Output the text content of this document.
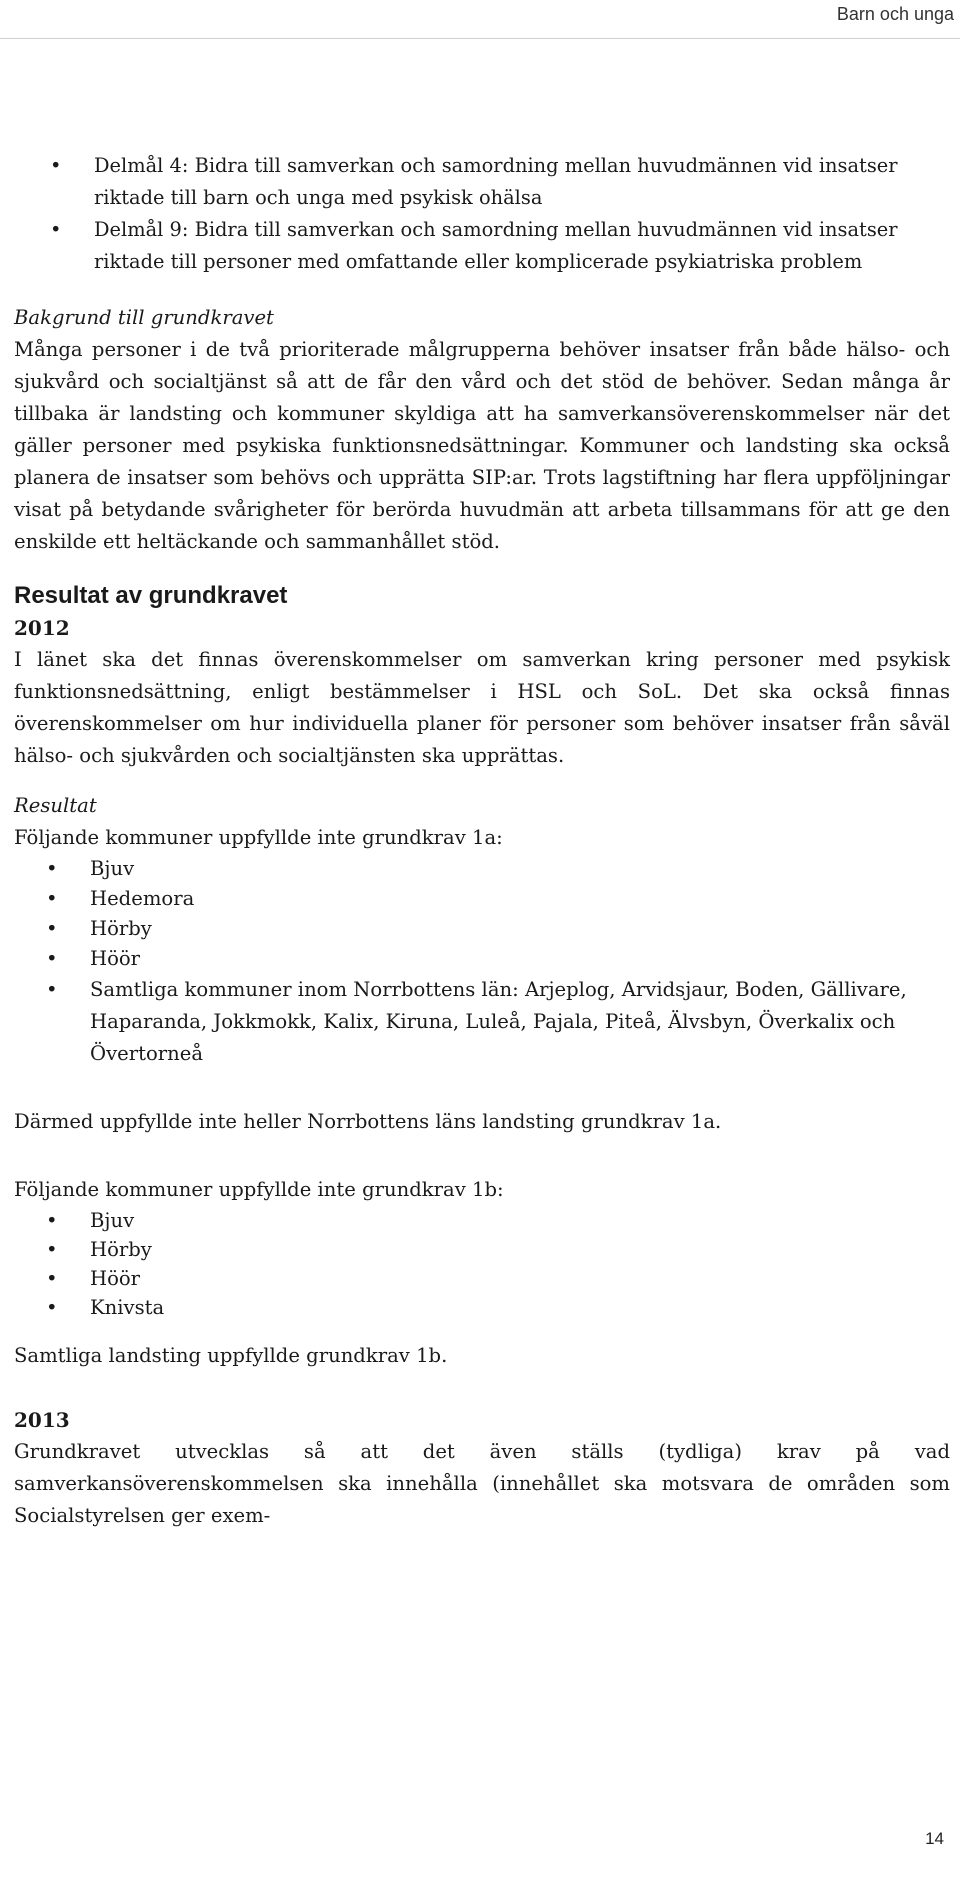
Barn och unga
• Delmål 4: Bidra till samverkan och samordning mellan huvudmännen vid insatser riktade till barn och unga med psykisk ohälsa
• Delmål 9: Bidra till samverkan och samordning mellan huvudmännen vid insatser riktade till personer med omfattande eller komplicerade psykiatriska problem

Bakgrund till grundkravet

Många personer i de två prioriterade målgrupperna behöver insatser från både hälso- och sjukvård och socialtjänst så att de får den vård och det stöd de behöver. Sedan många år tillbaka är landsting och kommuner skyldiga att ha samverkansöverenskommelser när det gäller personer med psykiska funktionsnedsättningar. Kommuner och landsting ska också planera de insatser som behövs och upprätta SIP:ar. Trots lagstiftning har flera uppföljningar visat på betydande svårigheter för berörda huvudmän att arbeta tillsammans för att ge den enskilde ett heltäckande och sammanhållet stöd.

Resultat av grundkravet

2012

I länet ska det finnas överenskommelser om samverkan kring personer med psykisk funktionsnedsättning, enligt bestämmelser i HSL och SoL. Det ska också finnas överenskommelser om hur individuella planer för personer som behöver insatser från såväl hälso- och sjukvården och socialtjänsten ska upprättas.

Resultat

Följande kommuner uppfyllde inte grundkrav 1a:

• Bjuv
• Hedemora
• Hörby
• Höör
• Samtliga kommuner inom Norrbottens län: Arjeplog, Arvidsjaur, Boden, Gällivare, Haparanda, Jokkmokk, Kalix, Kiruna, Luleå, Pajala, Piteå, Älvsbyn, Överkalix och Övertorneå

Därmed uppfyllde inte heller Norrbottens läns landsting grundkrav 1a.

Följande kommuner uppfyllde inte grundkrav 1b:

• Bjuv
• Hörby
• Höör
• Knivsta

Samtliga landsting uppfyllde grundkrav 1b.

2013

Grundkravet utvecklas så att det även ställs (tydliga) krav på vad samverkansöverenskommelsen ska innehålla (innehållet ska motsvara de områden som Socialstyrelsen ger exem-

14
